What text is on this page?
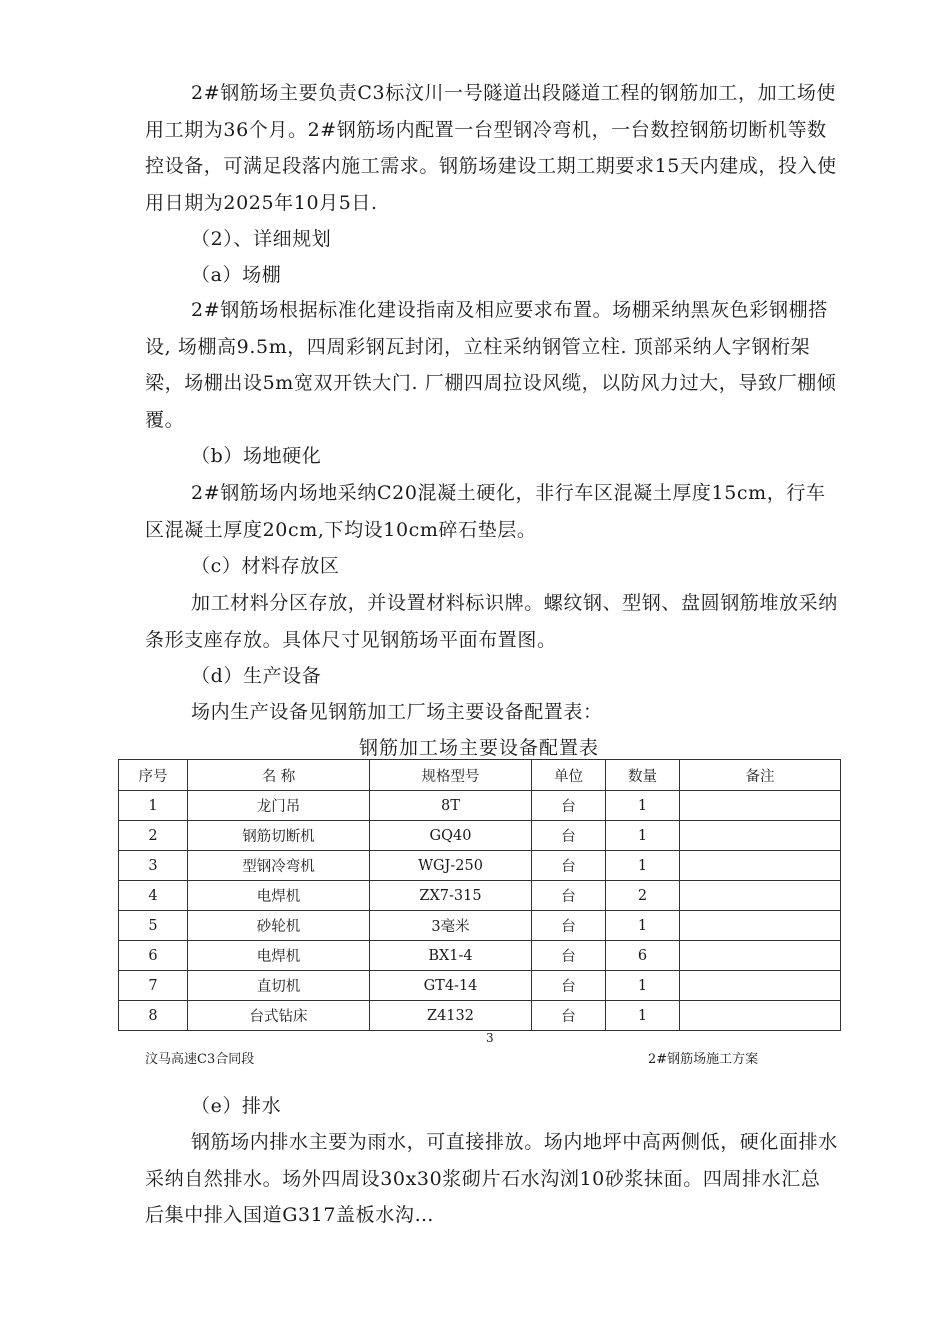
2#钢筋场主要负责C3标汶川一号隧道出段隧道工程的钢筋加工，加工场使用工期为36个月。2#钢筋场内配置一台型钢冷弯机，一台数控钢筋切断机等数控设备，可满足段落内施工需求。钢筋场建设工期工期要求15天内建成，投入使用日期为2025年10月5日.

（2）、详细规划
（a）场棚

2#钢筋场根据标准化建设指南及相应要求布置。场棚采纳黑灰色彩钢棚搭设, 场棚高9.5m，四周彩钢瓦封闭，立柱采纳钢管立柱. 顶部采纳人字钢桁架梁，场棚出设5m宽双开铁大门. 厂棚四周拉设风缆，以防风力过大，导致厂棚倾覆。

（b）场地硬化

2#钢筋场内场地采纳C20混凝土硬化，非行车区混凝土厚度15cm，行车区混凝土厚度20cm,下均设10cm碎石垫层。

（c）材料存放区

加工材料分区存放，并设置材料标识牌。螺纹钢、型钢、盘圆钢筋堆放采纳条形支座存放。具体尺寸见钢筋场平面布置图。

（d）生产设备
场内生产设备见钢筋加工厂场主要设备配置表：
钢筋加工场主要设备配置表
序号	名 称	规格型号	单位	数量	备注
1	龙门吊	8T	台	1	
2	钢筋切断机	GQ40	台	1	
3	型钢冷弯机	WGJ-250	台	1	
4	电焊机	ZX7-315	台	2	
5	砂轮机	3毫米	台	1	
6	电焊机	BX1-4	台	6	
7	直切机	GT4-14	台	1	
8	台式钻床	Z4132	台	1	
3
汶马高速C3合同段	2#钢筋场施工方案
（e）排水

钢筋场内排水主要为雨水，可直接排放。场内地坪中高两侧低，硬化面排水采纳自然排水。场外四周设30x30浆砌片石水沟浏10砂浆抹面。四周排水汇总后集中排入国道G317盖板水沟…
